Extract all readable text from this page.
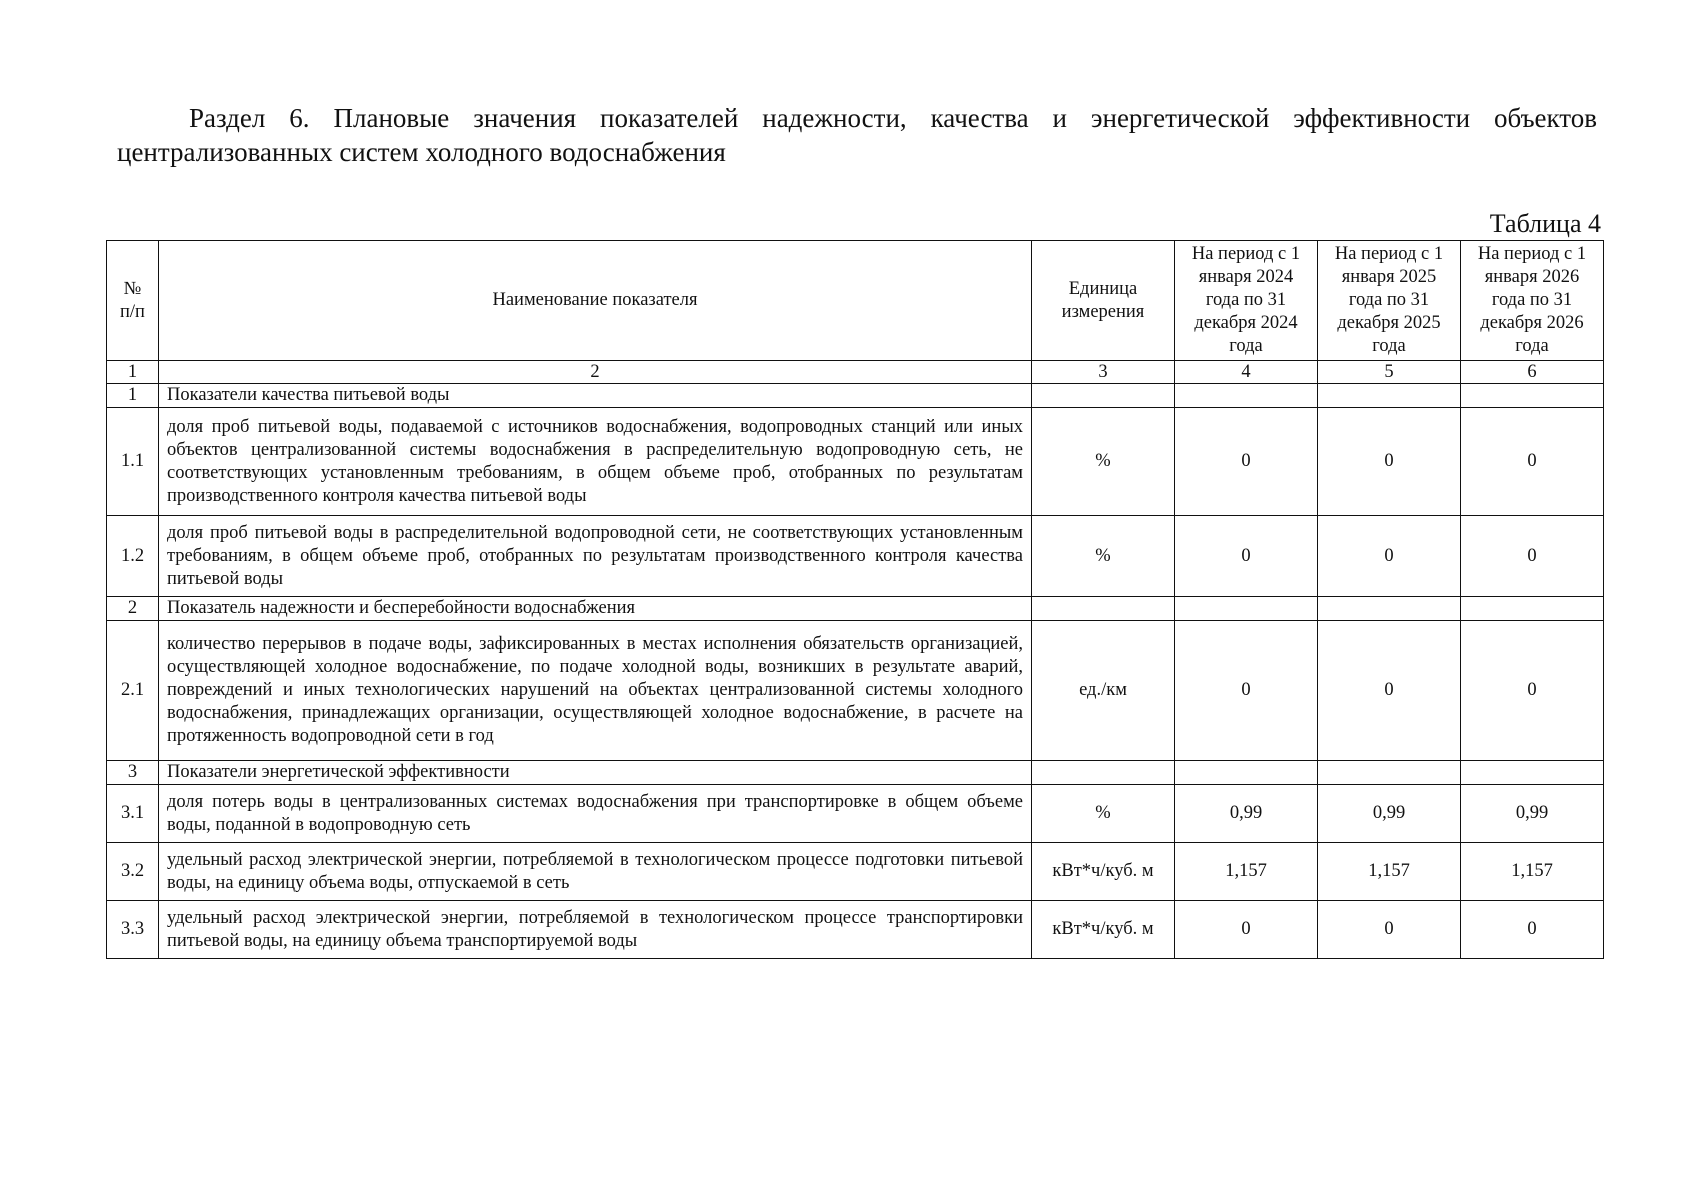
Раздел 6. Плановые значения показателей надежности, качества и энергетической эффективности объектов
централизованных систем холодного водоснабжения
Таблица 4
№ п/п	Наименование показателя	Единица измерения	На период с 1 января 2024 года по 31 декабря 2024 года	На период с 1 января 2025 года по 31 декабря 2025 года	На период с 1 января 2026 года по 31 декабря 2026 года
1	2	3	4	5	6
1	Показатели качества питьевой воды				
1.1	доля проб питьевой воды, подаваемой с источников водоснабжения, водопроводных станций или иных объектов централизованной системы водоснабжения в распределительную водопроводную сеть, не соответствующих установленным требованиям, в общем объеме проб, отобранных по результатам производственного контроля качества питьевой воды	%	0	0	0
1.2	доля проб питьевой воды в распределительной водопроводной сети, не соответствующих установленным требованиям, в общем объеме проб, отобранных по результатам производственного контроля качества питьевой воды	%	0	0	0
2	Показатель надежности и бесперебойности водоснабжения				
2.1	количество перерывов в подаче воды, зафиксированных в местах исполнения обязательств организацией, осуществляющей холодное водоснабжение, по подаче холодной воды, возникших в результате аварий, повреждений и иных технологических нарушений на объектах централизованной системы холодного водоснабжения, принадлежащих организации, осуществляющей холодное водоснабжение, в расчете на протяженность водопроводной сети в год	ед./км	0	0	0
3	Показатели энергетической эффективности				
3.1	доля потерь воды в централизованных системах водоснабжения при транспортировке в общем объеме воды, поданной в водопроводную сеть	%	0,99	0,99	0,99
3.2	удельный расход электрической энергии, потребляемой в технологическом процессе подготовки питьевой воды, на единицу объема воды, отпускаемой в сеть	кВт*ч/куб. м	1,157	1,157	1,157
3.3	удельный расход электрической энергии, потребляемой в технологическом процессе транспортировки питьевой воды, на единицу объема транспортируемой воды	кВт*ч/куб. м	0	0	0
